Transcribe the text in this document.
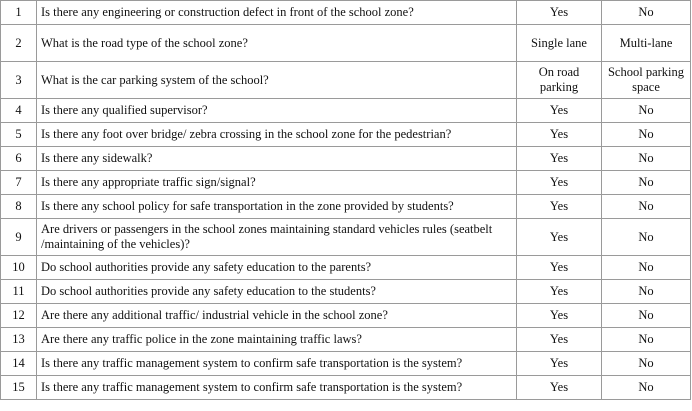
1	Is there any engineering or construction defect in front of the school zone?	Yes	No
2	What is the road type of the school zone?	Single lane	Multi-lane
3	What is the car parking system of the school?	On road parking	School parking space
4	Is there any qualified supervisor?	Yes	No
5	Is there any foot over bridge/ zebra crossing in the school zone for the pedestrian?	Yes	No
6	Is there any sidewalk?	Yes	No
7	Is there any appropriate traffic sign/signal?	Yes	No
8	Is there any school policy for safe transportation in the zone provided by students?	Yes	No
9	Are drivers or passengers in the school zones maintaining standard vehicles rules (seatbelt /maintaining of the vehicles)?	Yes	No
10	Do school authorities provide any safety education to the parents?	Yes	No
11	Do school authorities provide any safety education to the students?	Yes	No
12	Are there any additional traffic/ industrial vehicle in the school zone?	Yes	No
13	Are there any traffic police in the zone maintaining traffic laws?	Yes	No
14	Is there any traffic management system to confirm safe transportation is the system?	Yes	No
15	Is there any traffic management system to confirm safe transportation is the system?	Yes	No
